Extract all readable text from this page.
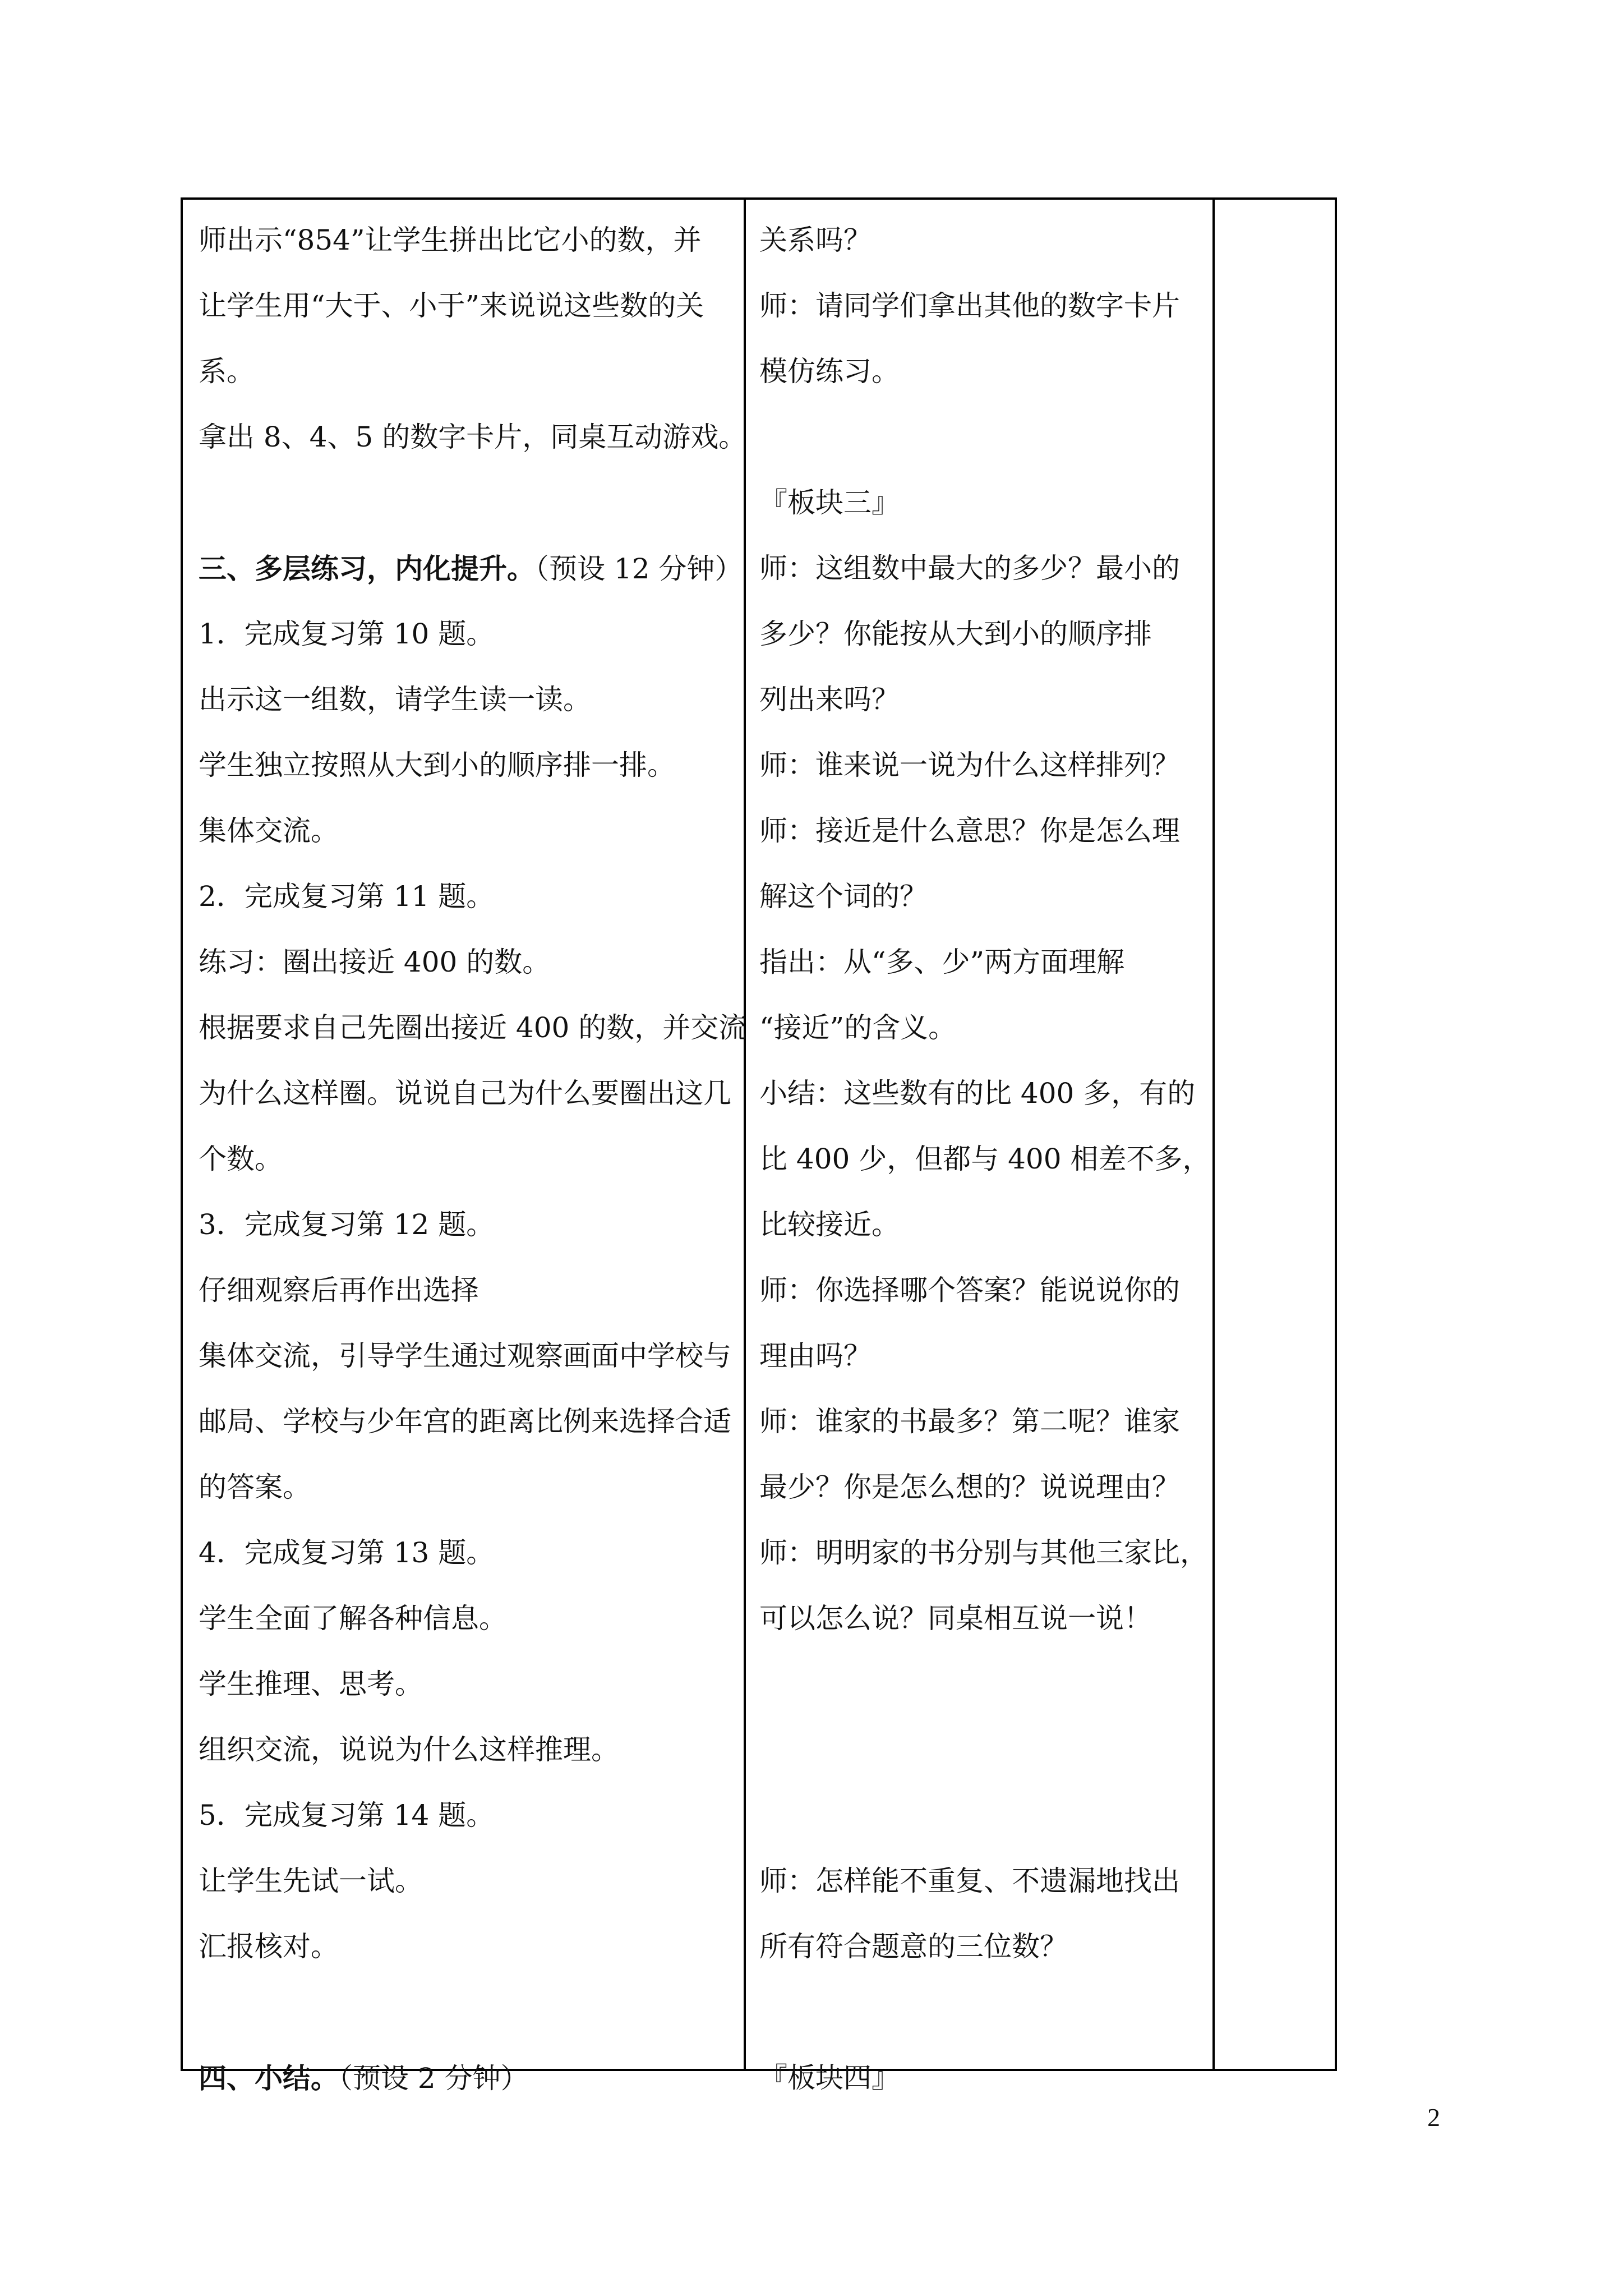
师出示“854”让学生拼出比它小的数，并
让学生用“大于、小于”来说说这些数的关
系。
拿出 8、4、5 的数字卡片，同桌互动游戏。
三、多层练习，内化提升。（预设 12 分钟）
1．完成复习第 10 题。
出示这一组数，请学生读一读。
学生独立按照从大到小的顺序排一排。
集体交流。
2．完成复习第 11 题。
练习：圈出接近 400 的数。
根据要求自己先圈出接近 400 的数，并交流
为什么这样圈。说说自己为什么要圈出这几
个数。
3．完成复习第 12 题。
仔细观察后再作出选择
集体交流，引导学生通过观察画面中学校与
邮局、学校与少年宫的距离比例来选择合适
的答案。
4．完成复习第 13 题。
学生全面了解各种信息。
学生推理、思考。
组织交流，说说为什么这样推理。
5．完成复习第 14 题。
让学生先试一试。
汇报核对。
四、小结。（预设 2 分钟）
关系吗？
师：请同学们拿出其他的数字卡片
模仿练习。
『板块三』
师：这组数中最大的多少？最小的
多少？你能按从大到小的顺序排
列出来吗？
师：谁来说一说为什么这样排列？
师：接近是什么意思？你是怎么理
解这个词的？
指出：从“多、少”两方面理解
“接近”的含义。
小结：这些数有的比 400 多，有的
比 400 少，但都与 400 相差不多，
比较接近。
师：你选择哪个答案？能说说你的
理由吗？
师：谁家的书最多？第二呢？谁家
最少？你是怎么想的？说说理由？
师：明明家的书分别与其他三家比，
可以怎么说？同桌相互说一说！
师：怎样能不重复、不遗漏地找出
所有符合题意的三位数？
『板块四』
2
